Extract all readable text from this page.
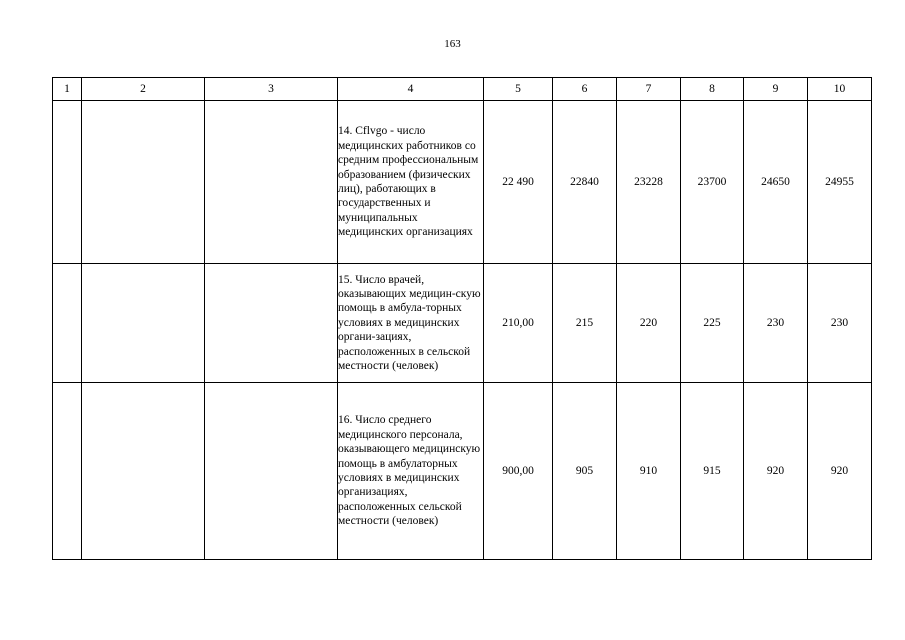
163
1	2	3	4	5	6	7	8	9	10
			14. Cflvgo - число медицинских работников со средним профессиональным образованием (физических лиц), работающих в государственных и муниципальных медицинских организациях	22 490	22840	23228	23700	24650	24955
			15. Число врачей, оказывающих медицин-скую помощь в амбула-торных условиях в медицинских органи-зациях, расположенных в сельской местности (человек)	210,00	215	220	225	230	230
			16. Число среднего медицинского персонала, оказывающего медицинскую помощь в амбулаторных условиях в медицинских организациях, расположенных сельской местности (человек)	900,00	905	910	915	920	920
